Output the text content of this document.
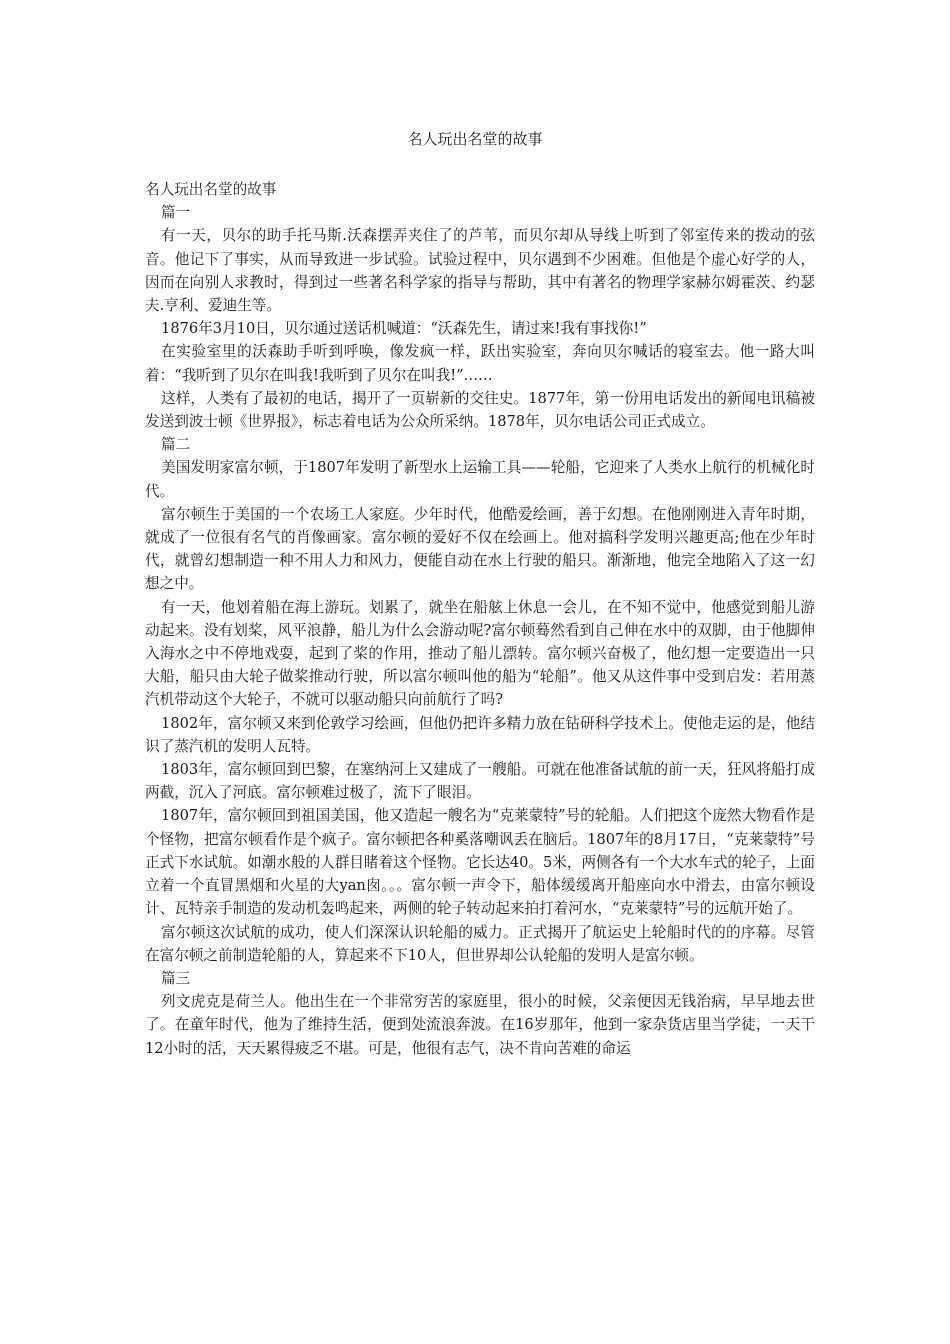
名人玩出名堂的故事

名人玩出名堂的故事

篇一

有一天，贝尔的助手托马斯.沃森摆弄夹住了的芦苇，而贝尔却从导线上听到了邻室传来的拨动的弦音。他记下了事实，从而导致进一步试验。试验过程中，贝尔遇到不少困难。但他是个虚心好学的人，因而在向别人求教时，得到过一些著名科学家的指导与帮助，其中有著名的物理学家赫尔姆霍茨、约瑟夫.亨利、爱迪生等。

1876年3月10日，贝尔通过送话机喊道：“沃森先生，请过来!我有事找你!”

在实验室里的沃森助手听到呼唤，像发疯一样，跃出实验室，奔向贝尔喊话的寝室去。他一路大叫着：“我听到了贝尔在叫我!我听到了贝尔在叫我!”……

这样，人类有了最初的电话，揭开了一页崭新的交往史。1877年，第一份用电话发出的新闻电讯稿被发送到波士顿《世界报》，标志着电话为公众所采纳。1878年，贝尔电话公司正式成立。

篇二

美国发明家富尔顿，于1807年发明了新型水上运输工具——轮船，它迎来了人类水上航行的机械化时代。

富尔顿生于美国的一个农场工人家庭。少年时代，他酷爱绘画，善于幻想。在他刚刚进入青年时期，就成了一位很有名气的肖像画家。富尔顿的爱好不仅在绘画上。他对搞科学发明兴趣更高;他在少年时代，就曾幻想制造一种不用人力和风力，便能自动在水上行驶的船只。渐渐地，他完全地陷入了这一幻想之中。

有一天，他划着船在海上游玩。划累了，就坐在船舷上休息一会儿，在不知不觉中，他感觉到船儿游动起来。没有划桨，风平浪静，船儿为什么会游动呢?富尔顿蓦然看到自己伸在水中的双脚，由于他脚伸入海水之中不停地戏耍，起到了桨的作用，推动了船儿漂转。富尔顿兴奋极了，他幻想一定要造出一只大船，船只由大轮子做桨推动行驶，所以富尔顿叫他的船为“轮船”。他又从这件事中受到启发：若用蒸汽机带动这个大轮子，不就可以驱动船只向前航行了吗?

1802年，富尔顿又来到伦敦学习绘画，但他仍把许多精力放在钻研科学技术上。使他走运的是，他结识了蒸汽机的发明人瓦特。

1803年，富尔顿回到巴黎，在塞纳河上又建成了一艘船。可就在他准备试航的前一天，狂风将船打成两截，沉入了河底。富尔顿难过极了，流下了眼泪。

1807年，富尔顿回到祖国美国，他又造起一艘名为“克莱蒙特”号的轮船。人们把这个庞然大物看作是个怪物，把富尔顿看作是个疯子。富尔顿把各种奚落嘲讽丢在脑后。1807年的8月17日，“克莱蒙特”号正式下水试航。如潮水般的人群目睹着这个怪物。它长达40。5米，两侧各有一个大水车式的轮子，上面立着一个直冒黑烟和火星的大yan囱。。。富尔顿一声令下，船体缓缓离开船座向水中滑去，由富尔顿设计、瓦特亲手制造的发动机轰鸣起来，两侧的轮子转动起来拍打着河水，“克莱蒙特”号的远航开始了。

富尔顿这次试航的成功，使人们深深认识轮船的威力。正式揭开了航运史上轮船时代的的序幕。尽管在富尔顿之前制造轮船的人，算起来不下10人，但世界却公认轮船的发明人是富尔顿。

篇三

列文虎克是荷兰人。他出生在一个非常穷苦的家庭里，很小的时候，父亲便因无钱治病，早早地去世了。在童年时代，他为了维持生活，便到处流浪奔波。在16岁那年，他到一家杂货店里当学徒，一天干12小时的活，天天累得疲乏不堪。可是，他很有志气，决不肯向苦难的命运
